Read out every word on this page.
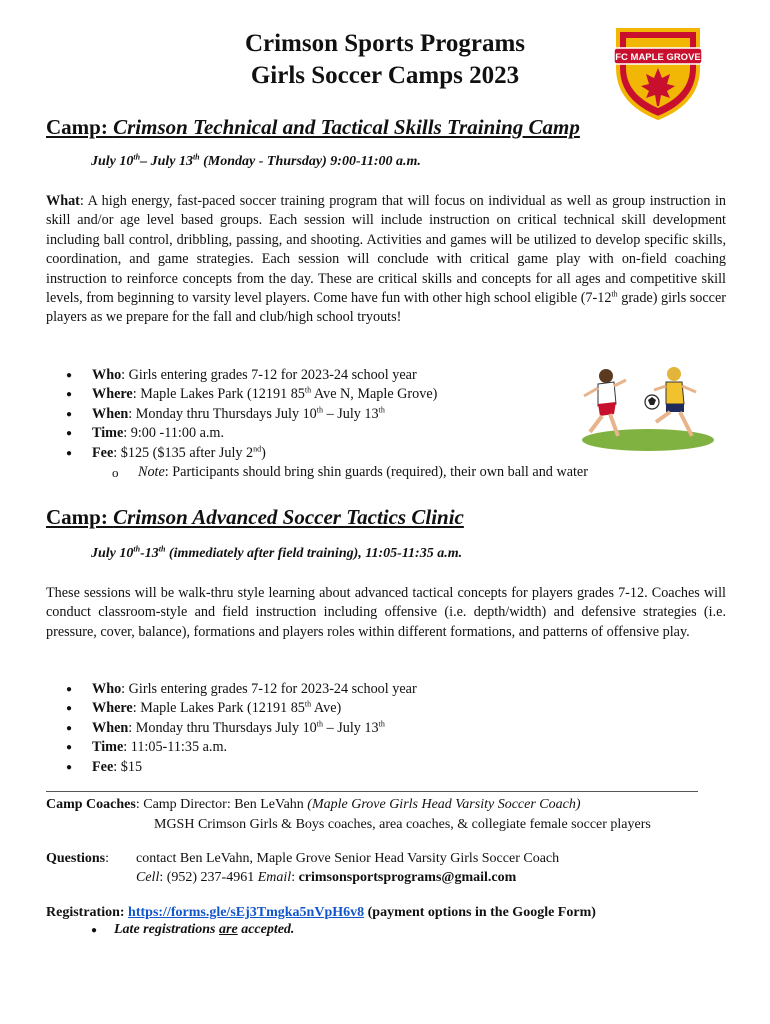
Crimson Sports Programs
Girls Soccer Camps 2023
FC MAPLE GROVE
Camp: Crimson Technical and Tactical Skills Training Camp
July 10th– July 13th (Monday - Thursday) 9:00-11:00 a.m.

What: A high energy, fast-paced soccer training program that will focus on individual as well as group instruction in skill and/or age level based groups. Each session will include instruction on critical technical skill development including ball control, dribbling, passing, and shooting. Activities and games will be utilized to develop specific skills, coordination, and game strategies. Each session will conclude with critical game play with on-field coaching instruction to reinforce concepts from the day. These are critical skills and concepts for all ages and competitive skill levels, from beginning to varsity level players. Come have fun with other high school eligible (7-12th grade) girls soccer players as we prepare for the fall and club/high school tryouts!

● Who: Girls entering grades 7-12 for 2023-24 school year
● Where: Maple Lakes Park (12191 85th Ave N, Maple Grove)
● When: Monday thru Thursdays July 10th – July 13th
● Time: 9:00 -11:00 a.m.
● Fee: $125 ($135 after July 2nd)
o Note: Participants should bring shin guards (required), their own ball and water
Camp: Crimson Advanced Soccer Tactics Clinic
July 10th-13th (immediately after field training), 11:05-11:35 a.m.

These sessions will be walk-thru style learning about advanced tactical concepts for players grades 7-12. Coaches will conduct classroom-style and field instruction including offensive (i.e. depth/width) and defensive strategies (i.e. pressure, cover, balance), formations and players roles within different formations, and patterns of offensive play.

● Who: Girls entering grades 7-12 for 2023-24 school year
● Where: Maple Lakes Park (12191 85th Ave)
● When: Monday thru Thursdays July 10th – July 13th
● Time: 11:05-11:35 a.m.
● Fee: $15
Camp Coaches: Camp Director: Ben LeVahn (Maple Grove Girls Head Varsity Soccer Coach)
MGSH Crimson Girls & Boys coaches, area coaches, & collegiate female soccer players
Questions: contact Ben LeVahn, Maple Grove Senior Head Varsity Girls Soccer Coach
Cell: (952) 237-4961 Email: crimsonsportsprograms@gmail.com
Registration: https://forms.gle/sEj3Tmgka5nVpH6v8 (payment options in the Google Form)
● Late registrations are accepted.
